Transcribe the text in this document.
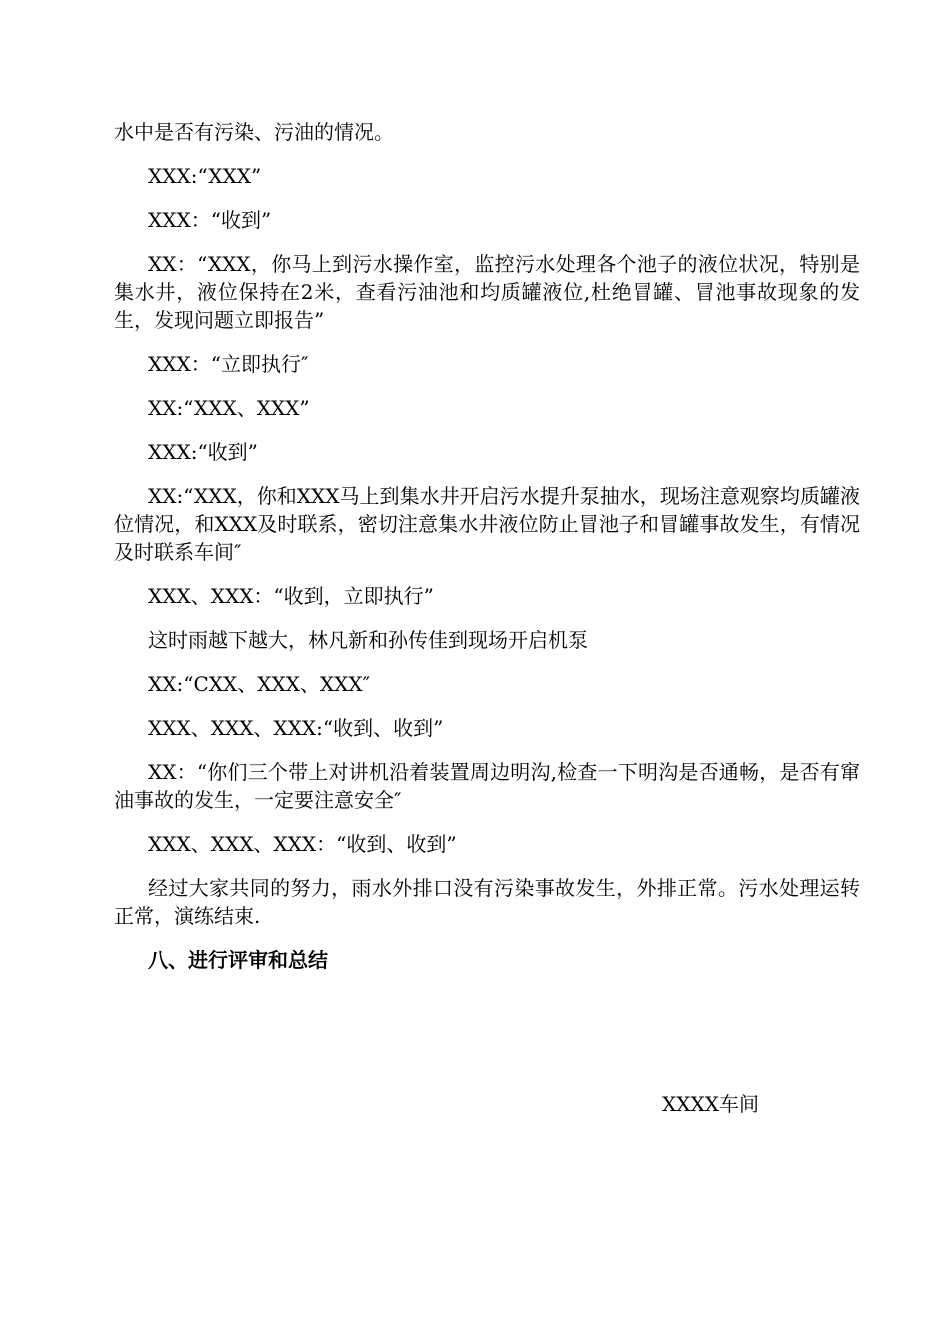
水中是否有污染、污油的情况。

XXX:“XXX”

XXX：“收到”

XX：“XXX，你马上到污水操作室，监控污水处理各个池子的液位状况，特别是集水井，液位保持在2米，查看污油池和均质罐液位,杜绝冒罐、冒池事故现象的发生，发现问题立即报告”

XXX：“立即执行″

XX:“XXX、XXX”

XXX:“收到”

XX:“XXX，你和XXX马上到集水井开启污水提升泵抽水，现场注意观察均质罐液位情况，和XXX及时联系，密切注意集水井液位防止冒池子和冒罐事故发生，有情况及时联系车间″

XXX、XXX：“收到，立即执行”

这时雨越下越大，林凡新和孙传佳到现场开启机泵

XX:“CXX、XXX、XXX″

XXX、XXX、XXX:“收到、收到”

XX：“你们三个带上对讲机沿着装置周边明沟,检查一下明沟是否通畅，是否有窜油事故的发生，一定要注意安全″

XXX、XXX、XXX：“收到、收到”

经过大家共同的努力，雨水外排口没有污染事故发生，外排正常。污水处理运转正常，演练结束.

八、进行评审和总结

XXXX车间
